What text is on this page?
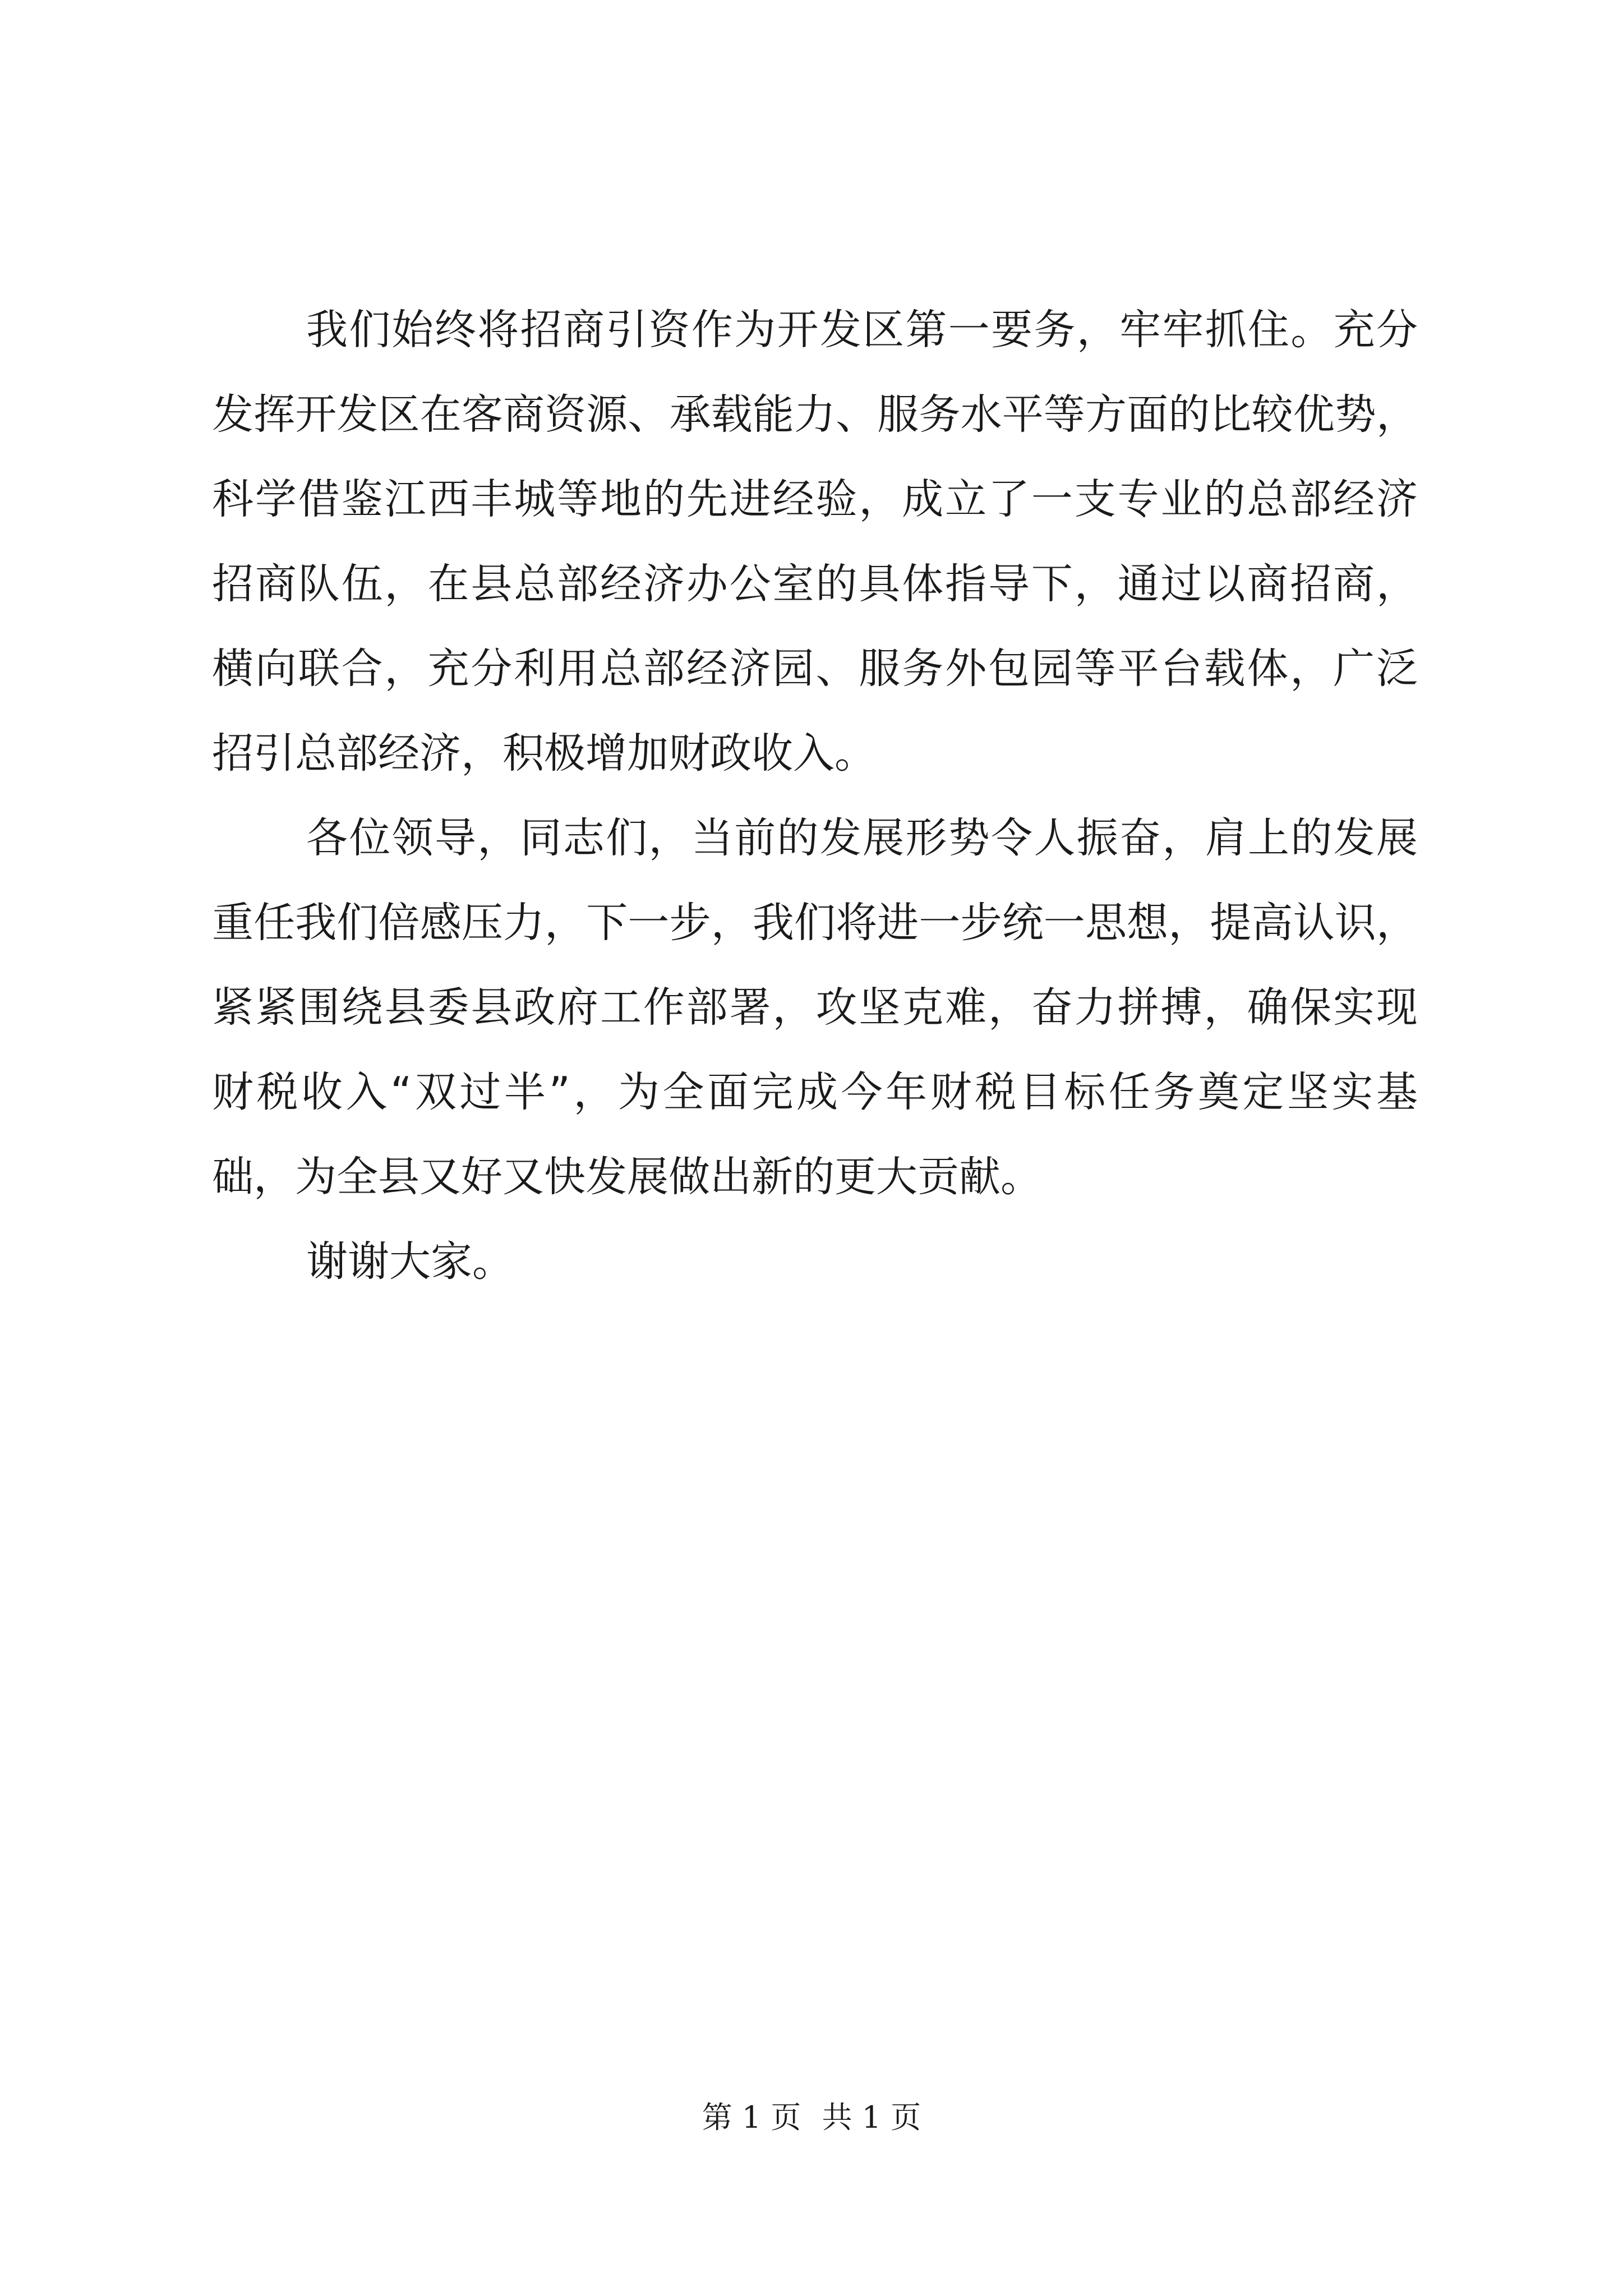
我们始终将招商引资作为开发区第一要务，牢牢抓住。充分
发挥开发区在客商资源、承载能力、服务水平等方面的比较优势，
科学借鉴江西丰城等地的先进经验，成立了一支专业的总部经济
招商队伍，在县总部经济办公室的具体指导下，通过以商招商，
横向联合，充分利用总部经济园、服务外包园等平台载体，广泛
招引总部经济，积极增加财政收入。
各位领导，同志们，当前的发展形势令人振奋，肩上的发展
重任我们倍感压力，下一步，我们将进一步统一思想，提高认识，
紧紧围绕县委县政府工作部署，攻坚克难，奋力拼搏，确保实现
财税收入“双过半”，为全面完成今年财税目标任务奠定坚实基
础，为全县又好又快发展做出新的更大贡献。
谢谢大家。
第 1 页 共 1 页
